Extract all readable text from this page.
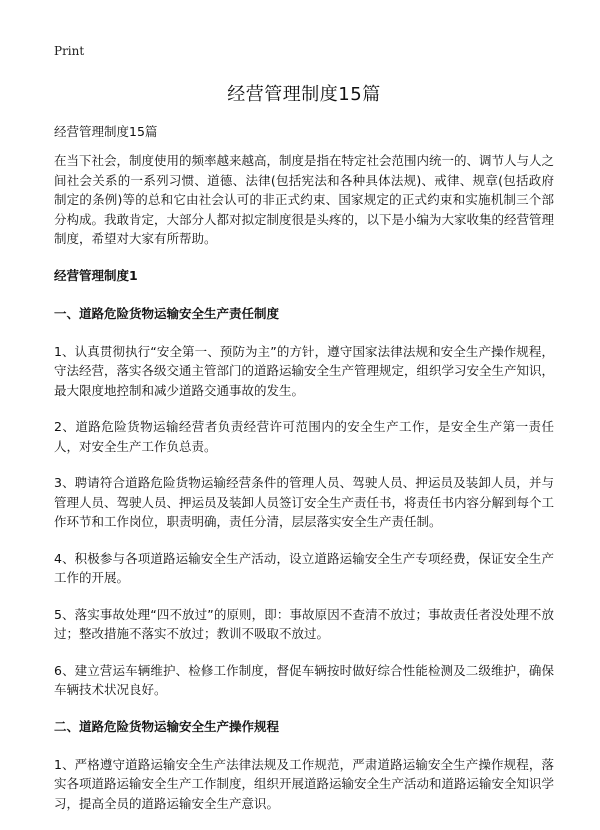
Print
经营管理制度15篇

经营管理制度15篇

在当下社会，制度使用的频率越来越高，制度是指在特定社会范围内统一的、调节人与人之间社会关系的一系列习惯、道德、法律(包括宪法和各种具体法规)、戒律、规章(包括政府制定的条例)等的总和它由社会认可的非正式约束、国家规定的正式约束和实施机制三个部分构成。我敢肯定，大部分人都对拟定制度很是头疼的，以下是小编为大家收集的经营管理制度，希望对大家有所帮助。

经营管理制度1

一、道路危险货物运输安全生产责任制度

1、认真贯彻执行“安全第一、预防为主”的方针，遵守国家法律法规和安全生产操作规程，守法经营，落实各级交通主管部门的道路运输安全生产管理规定，组织学习安全生产知识，最大限度地控制和减少道路交通事故的发生。

2、道路危险货物运输经营者负责经营许可范围内的安全生产工作，是安全生产第一责任人，对安全生产工作负总责。

3、聘请符合道路危险货物运输经营条件的管理人员、驾驶人员、押运员及装卸人员，并与管理人员、驾驶人员、押运员及装卸人员签订安全生产责任书，将责任书内容分解到每个工作环节和工作岗位，职责明确，责任分清，层层落实安全生产责任制。

4、积极参与各项道路运输安全生产活动，设立道路运输安全生产专项经费，保证安全生产工作的开展。

5、落实事故处理“四不放过”的原则，即：事故原因不查清不放过；事故责任者没处理不放过；整改措施不落实不放过；教训不吸取不放过。

6、建立营运车辆维护、检修工作制度，督促车辆按时做好综合性能检测及二级维护，确保车辆技术状况良好。

二、道路危险货物运输安全生产操作规程

1、严格遵守道路运输安全生产法律法规及工作规范，严肃道路运输安全生产操作规程，落实各项道路运输安全生产工作制度，组织开展道路运输安全生产活动和道路运输安全知识学习，提高全员的道路运输安全生产意识。
